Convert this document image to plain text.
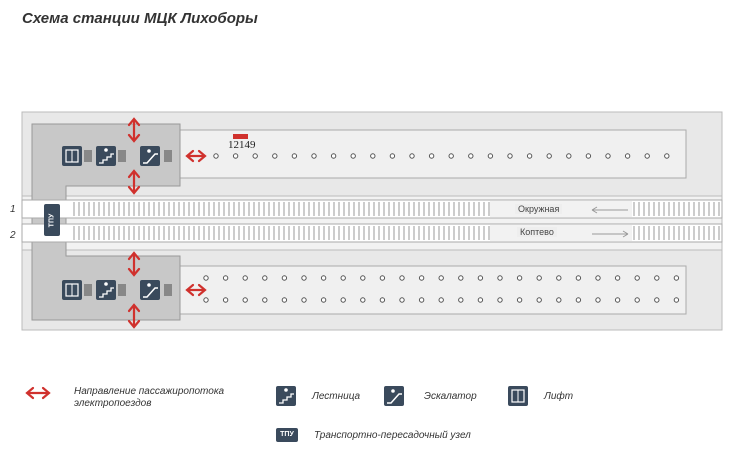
Схема станции МЦК Лихоборы
1
2
Окружная
Коптево
12149
ТПУ
Направление пассажиропотока электропоездов
Лестница	Эскалатор	Лифт
ТПУ	Транспортно-пересадочный узел
